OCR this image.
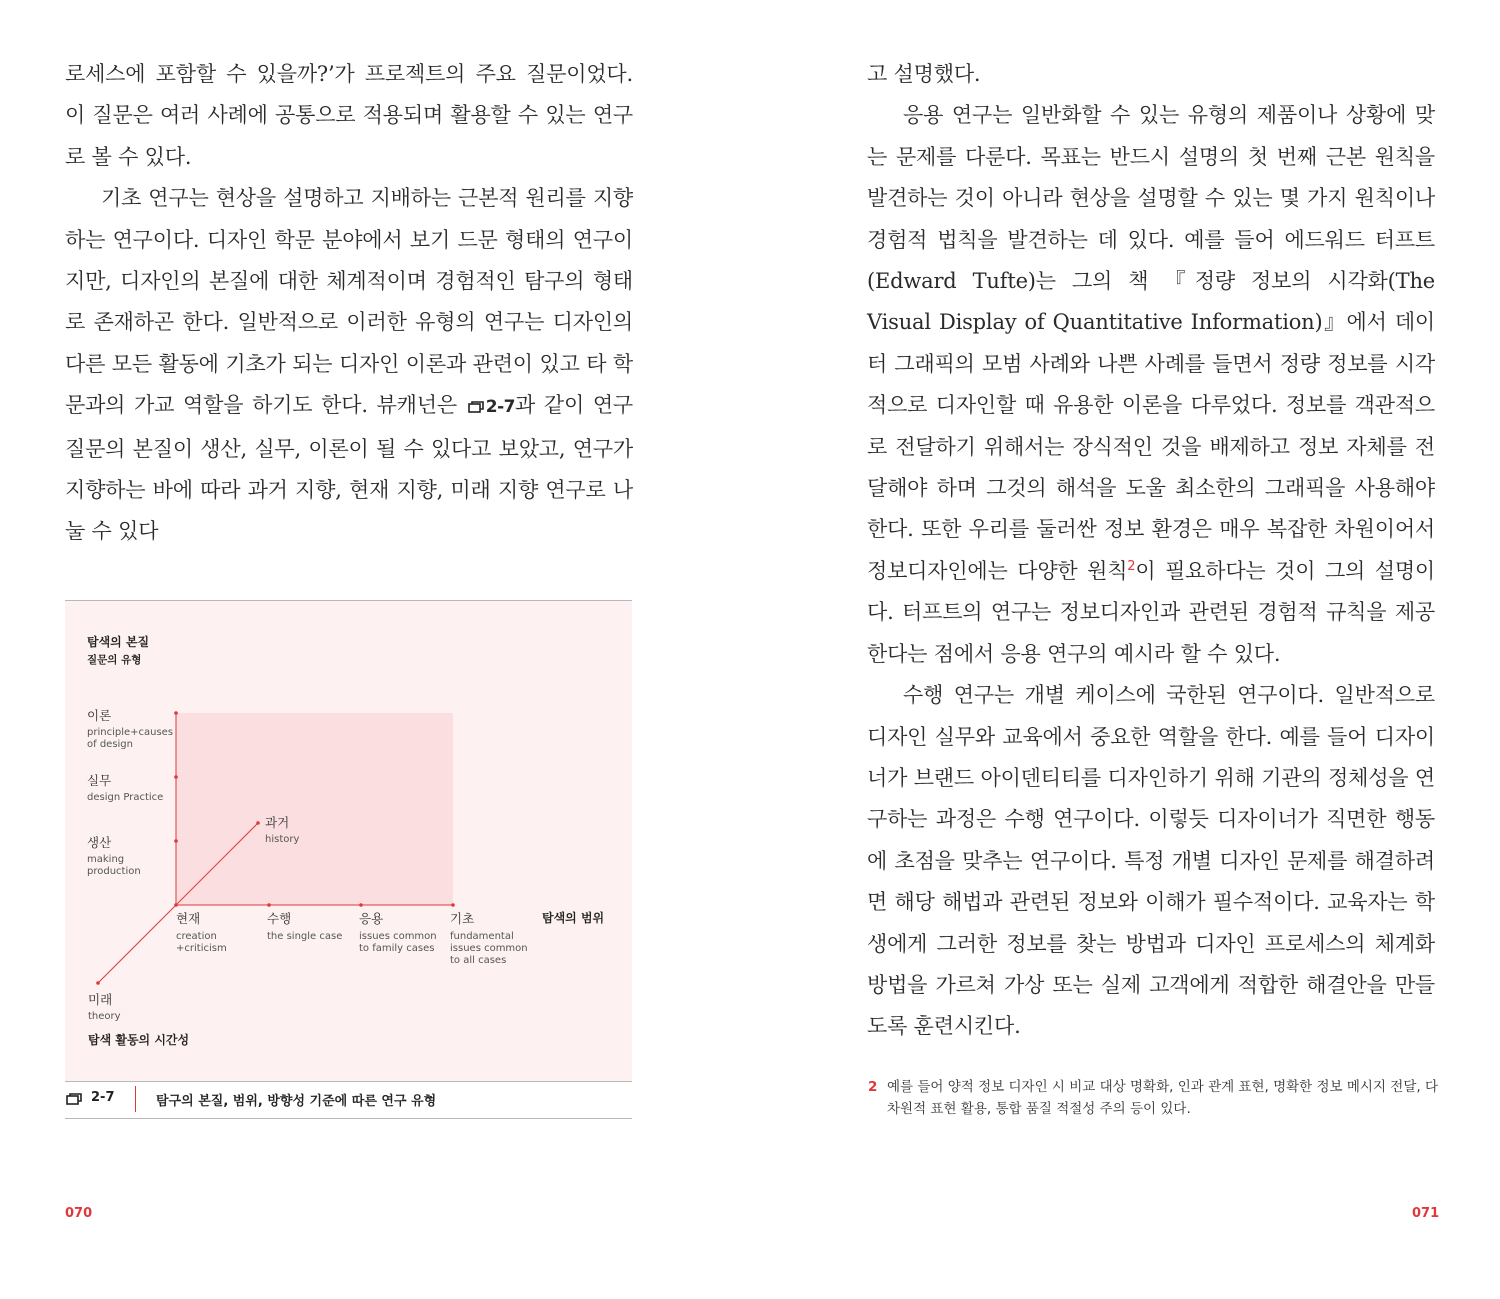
로세스에 포함할 수 있을까?’가 프로젝트의 주요 질문이었다. 이 질문은 여러 사례에 공통으로 적용되며 활용할 수 있는 연구로 볼 수 있다.

기초 연구는 현상을 설명하고 지배하는 근본적 원리를 지향하는 연구이다. 디자인 학문 분야에서 보기 드문 형태의 연구이지만, 디자인의 본질에 대한 체계적이며 경험적인 탐구의 형태로 존재하곤 한다. 일반적으로 이러한 유형의 연구는 디자인의 다른 모든 활동에 기초가 되는 디자인 이론과 관련이 있고 타 학문과의 가교 역할을 하기도 한다. 뷰캐넌은 2-7과 같이 연구 질문의 본질이 생산, 실무, 이론이 될 수 있다고 보았고, 연구가 지향하는 바에 따라 과거 지향, 현재 지향, 미래 지향 연구로 나눌 수 있다

탐색의 본질
질문의 유형
이론
principle+causes of design
실무
design Practice
생산
making production
과거
history
현재
creation +criticism
수행
the single case
응용
issues common to family cases
기초
fundamental issues common to all cases
탐색의 범위
미래
theory
탐색 활동의 시간성
2-7	탐구의 본질, 범위, 방향성 기준에 따른 연구 유형
070

고 설명했다.

응용 연구는 일반화할 수 있는 유형의 제품이나 상황에 맞는 문제를 다룬다. 목표는 반드시 설명의 첫 번째 근본 원칙을 발견하는 것이 아니라 현상을 설명할 수 있는 몇 가지 원칙이나 경험적 법칙을 발견하는 데 있다. 예를 들어 에드워드 터프트(Edward Tufte)는 그의 책 『정량 정보의 시각화(The Visual Display of Quantitative Information)』에서 데이터 그래픽의 모범 사례와 나쁜 사례를 들면서 정량 정보를 시각적으로 디자인할 때 유용한 이론을 다루었다. 정보를 객관적으로 전달하기 위해서는 장식적인 것을 배제하고 정보 자체를 전달해야 하며 그것의 해석을 도울 최소한의 그래픽을 사용해야 한다. 또한 우리를 둘러싼 정보 환경은 매우 복잡한 차원이어서 정보디자인에는 다양한 원칙$^2$이 필요하다는 것이 그의 설명이다. 터프트의 연구는 정보디자인과 관련된 경험적 규칙을 제공한다는 점에서 응용 연구의 예시라 할 수 있다.

수행 연구는 개별 케이스에 국한된 연구이다. 일반적으로 디자인 실무와 교육에서 중요한 역할을 한다. 예를 들어 디자이너가 브랜드 아이덴티티를 디자인하기 위해 기관의 정체성을 연구하는 과정은 수행 연구이다. 이렇듯 디자이너가 직면한 행동에 초점을 맞추는 연구이다. 특정 개별 디자인 문제를 해결하려면 해당 해법과 관련된 정보와 이해가 필수적이다. 교육자는 학생에게 그러한 정보를 찾는 방법과 디자인 프로세스의 체계화 방법을 가르쳐 가상 또는 실제 고객에게 적합한 해결안을 만들도록 훈련시킨다.

2 예를 들어 양적 정보 디자인 시 비교 대상 명확화, 인과 관계 표현, 명확한 정보 메시지 전달, 다차원적 표현 활용, 통합 품질 적절성 주의 등이 있다.
071
